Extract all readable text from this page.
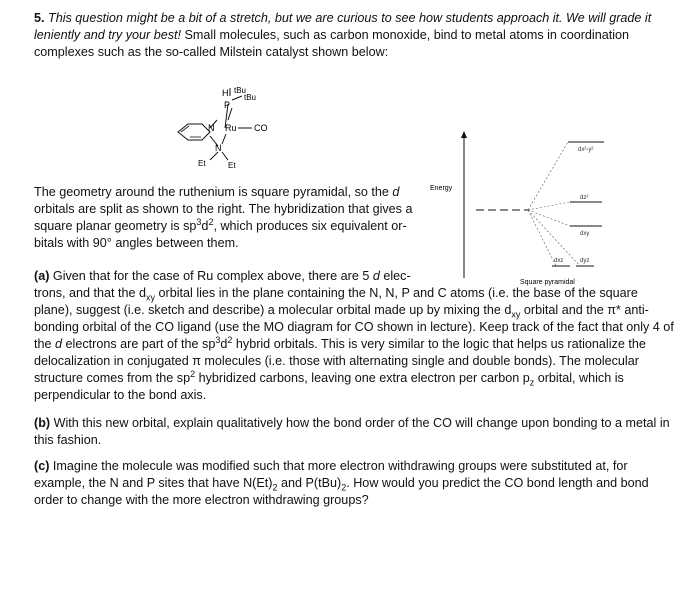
5. This question might be a bit of a stretch, but we are curious to see how students approach it. We will grade it leniently and try your best! Small molecules, such as carbon monoxide, bind to metal atoms in coordination complexes such as the so-called Milstein catalyst shown below:

H tBu
P
tBu
N Ru CO
N
Et	Et

The geometry around the ruthenium is square pyramidal, so the d orbitals are split as shown to the right. The hybridization that gives a square planar geometry is $sp^3d^2$, which produces six equivalent or-bitals with 90° angles between them.

Energy
dx²-y²
dz²
dxy
dxz	dyz
Square pyramidal

(a) Given that for the case of Ru complex above, there are 5 d elec-
trons, and that the $d_{xy}$ orbital lies in the plane containing the N, N, P and C atoms (i.e. the base of the square plane), suggest (i.e. sketch and describe) a molecular orbital made up by mixing the $d_{xy}$ orbital and the π* anti-bonding orbital of the CO ligand (use the MO diagram for CO shown in lecture). Keep track of the fact that only 4 of the d electrons are part of the $sp^3d^2$ hybrid orbitals. This is very similar to the logic that helps us rationalize the delocalization in conjugated π molecules (i.e. those with alternating single and double bonds). The molecular structure comes from the $sp^2$ hybridized carbons, leaving one extra electron per carbon $p_z$ orbital, which is perpendicular to the bond axis.

(b) With this new orbital, explain qualitatively how the bond order of the CO will change upon bonding to a metal in this fashion.

(c) Imagine the molecule was modified such that more electron withdrawing groups were substituted at, for example, the N and P sites that have $N(Et)_2$ and $P(tBu)_2$. How would you predict the CO bond length and bond order to change with the more electron withdrawing groups?
